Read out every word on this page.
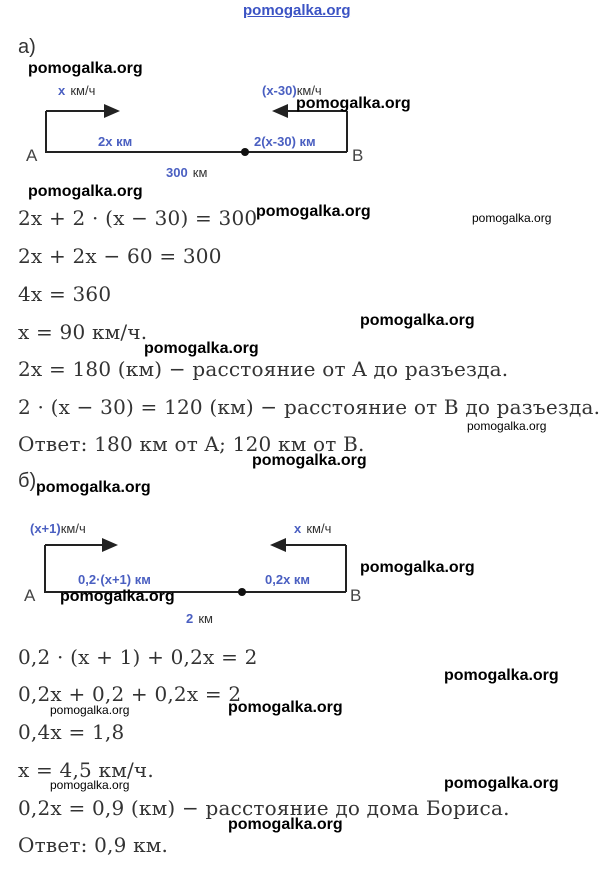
pomogalka.org
а)
x км/ч	(x-30)км/ч
2x км	2(x-30) км
300 км
A	B
2x + 2 · (x − 30) = 300
2x + 2x − 60 = 300
4x = 360
x = 90 км/ч.
2x = 180 (км) − расстояние от A до разъезда.
2 · (x − 30) = 120 (км) − расстояние от B до разъезда.
Ответ: 180 км от A; 120 км от B.
б)
(x+1)км/ч	x км/ч
0,2·(x+1) км	0,2x км
2 км
A	B
0,2 · (x + 1) + 0,2x = 2
0,2x + 0,2 + 0,2x = 2
0,4x = 1,8
x = 4,5 км/ч.
0,2x = 0,9 (км) − расстояние до дома Бориса.
Ответ: 0,9 км.
pomogalka.org
pomogalka.org
pomogalka.org
pomogalka.org	pomogalka.org
pomogalka.org
pomogalka.org
pomogalka.org
pomogalka.org
pomogalka.org
pomogalka.org
pomogalka.org
pomogalka.org
pomogalka.org	pomogalka.org
pomogalka.org
pomogalka.org
pomogalka.org
